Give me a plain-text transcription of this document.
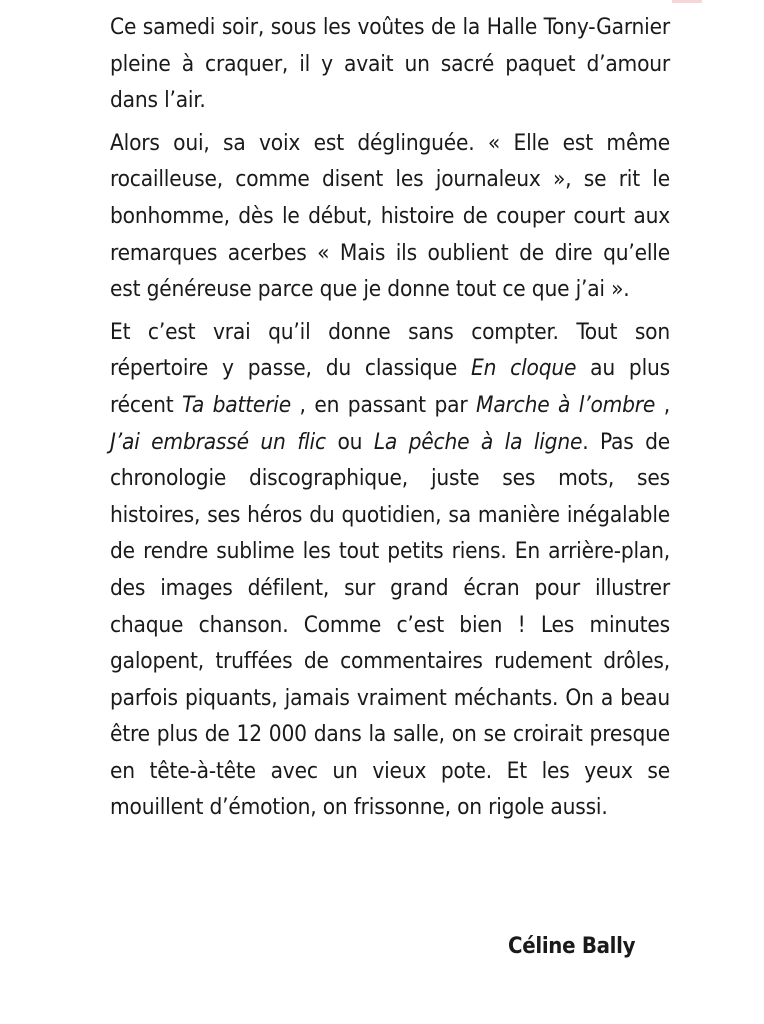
Ce samedi soir, sous les voûtes de la Halle Tony-Garnier pleine à craquer, il y avait un sacré paquet d’amour dans l’air.

Alors oui, sa voix est déglinguée. « Elle est même rocailleuse, comme disent les journaleux », se rit le bonhomme, dès le début, histoire de couper court aux remarques acerbes « Mais ils oublient de dire qu’elle est généreuse parce que je donne tout ce que j’ai ».

Et c’est vrai qu’il donne sans compter. Tout son répertoire y passe, du classique En cloque au plus récent Ta batterie , en passant par Marche à l’ombre , J’ai embrassé un flic ou La pêche à la ligne. Pas de chronologie discographique, juste ses mots, ses histoires, ses héros du quotidien, sa manière inégalable de rendre sublime les tout petits riens. En arrière-plan, des images défilent, sur grand écran pour illustrer chaque chanson. Comme c’est bien ! Les minutes galopent, truffées de commentaires rudement drôles, parfois piquants, jamais vraiment méchants. On a beau être plus de 12 000 dans la salle, on se croirait presque en tête-à-tête avec un vieux pote. Et les yeux se mouillent d’émotion, on frissonne, on rigole aussi.

Céline Bally
